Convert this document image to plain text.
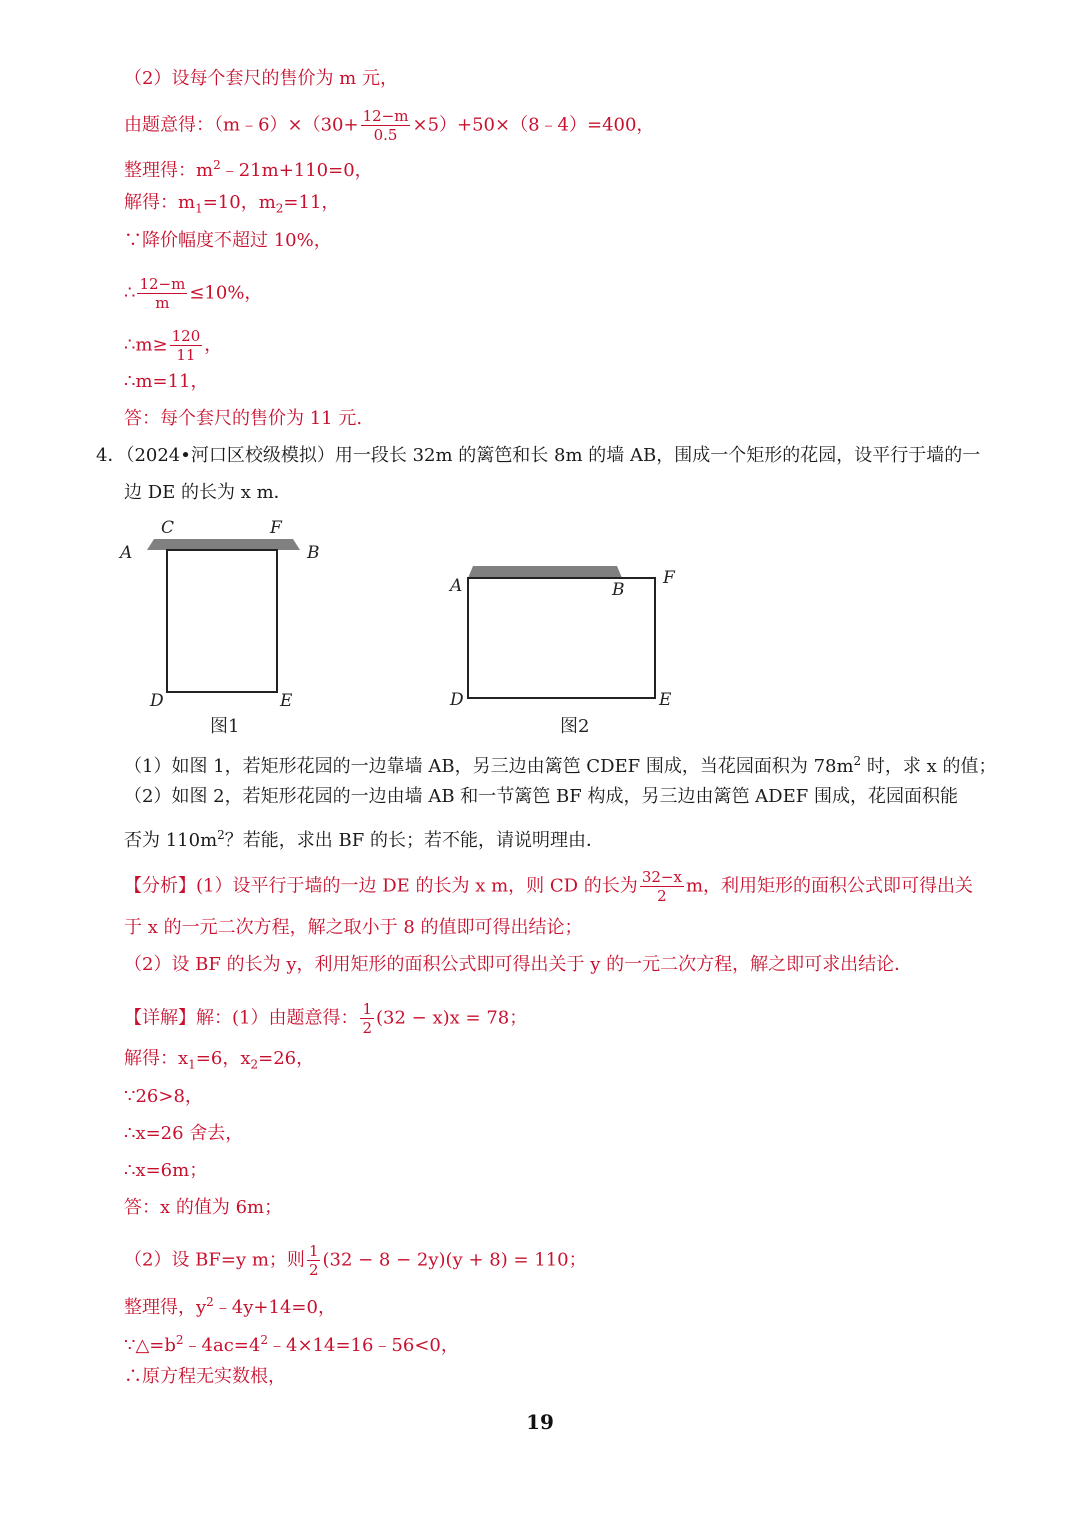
（2）设每个套尺的售价为 m 元，
由题意得：（m﹣6）×（30+ $\frac{12-m}{0.5}$ ×5）+50×（8﹣4）=400，
整理得：$m^2﹣21m+110=0$，
解得：$m_1=10$，$m_2=11$，
∵降价幅度不超过 10%，
∴ $\frac{12-m}{m} \le 10\%$，
∴m≥ $\frac{120}{11}$ ，
∴m=11，
答：每个套尺的售价为 11 元.
4．（2024•河口区校级模拟）用一段长 32m 的篱笆和长 8m 的墙 AB，围成一个矩形的花园，设平行于墙的一
边 DE 的长为 x m．
A	B
C	F
D	E
图1
A	B
F
D	E
图2
（1）如图 1，若矩形花园的一边靠墙 AB，另三边由篱笆 CDEF 围成，当花园面积为 $78m^2$ 时，求 x 的值；
（2）如图 2，若矩形花园的一边由墙 AB 和一节篱笆 BF 构成，另三边由篱笆 ADEF 围成，花园面积能
否为 $110m^2$？若能，求出 BF 的长；若不能，请说明理由．
【分析】(1）设平行于墙的一边 DE 的长为 x m，则 CD 的长为 $\frac{32-x}{2}$ m，利用矩形的面积公式即可得出关
于 x 的一元二次方程，解之取小于 8 的值即可得出结论；
（2）设 BF 的长为 y，利用矩形的面积公式即可得出关于 y 的一元二次方程，解之即可求出结论．
【详解】解：(1）由题意得： $\frac{1}{2} (32 - x)x = 78$；
解得：$x_1=6$，$x_2=26$，
∵26>8，
∴x=26 舍去，
∴x=6m；
答：x 的值为 6m；
（2）设 BF=y m；则 $\frac{1}{2} (32 - 8 - 2y)(y + 8) = 110$；
整理得，$y^2﹣4y+14=0$，
$\because\triangle=b^2﹣4ac=4^2﹣4\times 14=16﹣56<0$，
∴原方程无实数根，
19
